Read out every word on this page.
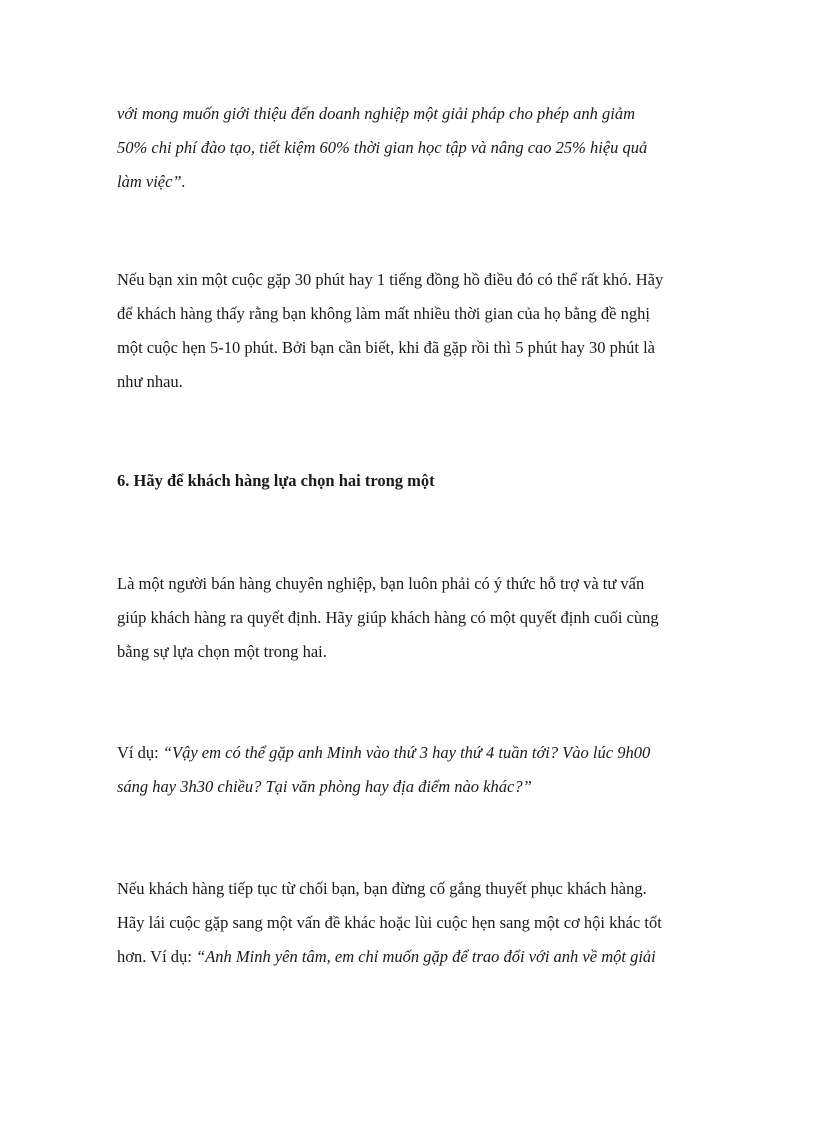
với mong muốn giới thiệu đến doanh nghiệp một giải pháp cho phép anh giảm
50% chi phí đào tạo, tiết kiệm 60% thời gian học tập và nâng cao 25% hiệu quả
làm việc”.

Nếu bạn xin một cuộc gặp 30 phút hay 1 tiếng đồng hồ điều đó có thể rất khó. Hãy
để khách hàng thấy rằng bạn không làm mất nhiều thời gian của họ bằng đề nghị
một cuộc hẹn 5-10 phút. Bởi bạn cần biết, khi đã gặp rồi thì 5 phút hay 30 phút là
như nhau.

6. Hãy để khách hàng lựa chọn hai trong một

Là một người bán hàng chuyên nghiệp, bạn luôn phải có ý thức hỗ trợ và tư vấn
giúp khách hàng ra quyết định. Hãy giúp khách hàng có một quyết định cuối cùng
bằng sự lựa chọn một trong hai.

Ví dụ: “Vậy em có thể gặp anh Minh vào thứ 3 hay thứ 4 tuần tới? Vào lúc 9h00
sáng hay 3h30 chiều? Tại văn phòng hay địa điểm nào khác?”

Nếu khách hàng tiếp tục từ chối bạn, bạn đừng cố gắng thuyết phục khách hàng.
Hãy lái cuộc gặp sang một vấn đề khác hoặc lùi cuộc hẹn sang một cơ hội khác tốt
hơn. Ví dụ: “Anh Minh yên tâm, em chỉ muốn gặp để trao đổi với anh về một giải
